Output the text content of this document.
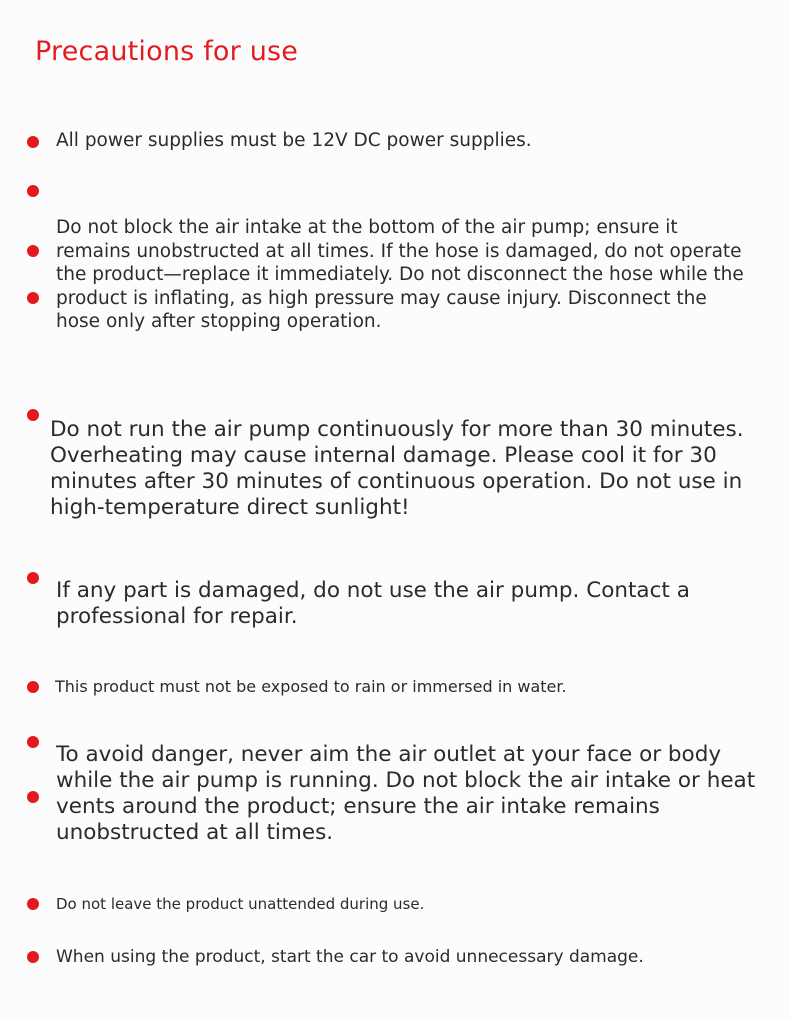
Precautions for use
All power supplies must be 12V DC power supplies.
Do not block the air intake at the bottom of the air pump; ensure it remains unobstructed at all times. If the hose is damaged, do not operate the product—replace it immediately. Do not disconnect the hose while the product is inflating, as high pressure may cause injury. Disconnect the hose only after stopping operation.
Do not run the air pump continuously for more than 30 minutes. Overheating may cause internal damage. Please cool it for 30 minutes after 30 minutes of continuous operation. Do not use in high-temperature direct sunlight!
If any part is damaged, do not use the air pump. Contact a professional for repair.
This product must not be exposed to rain or immersed in water.
To avoid danger, never aim the air outlet at your face or body while the air pump is running. Do not block the air intake or heat vents around the product; ensure the air intake remains unobstructed at all times.
Do not leave the product unattended during use.
When using the product, start the car to avoid unnecessary damage.
